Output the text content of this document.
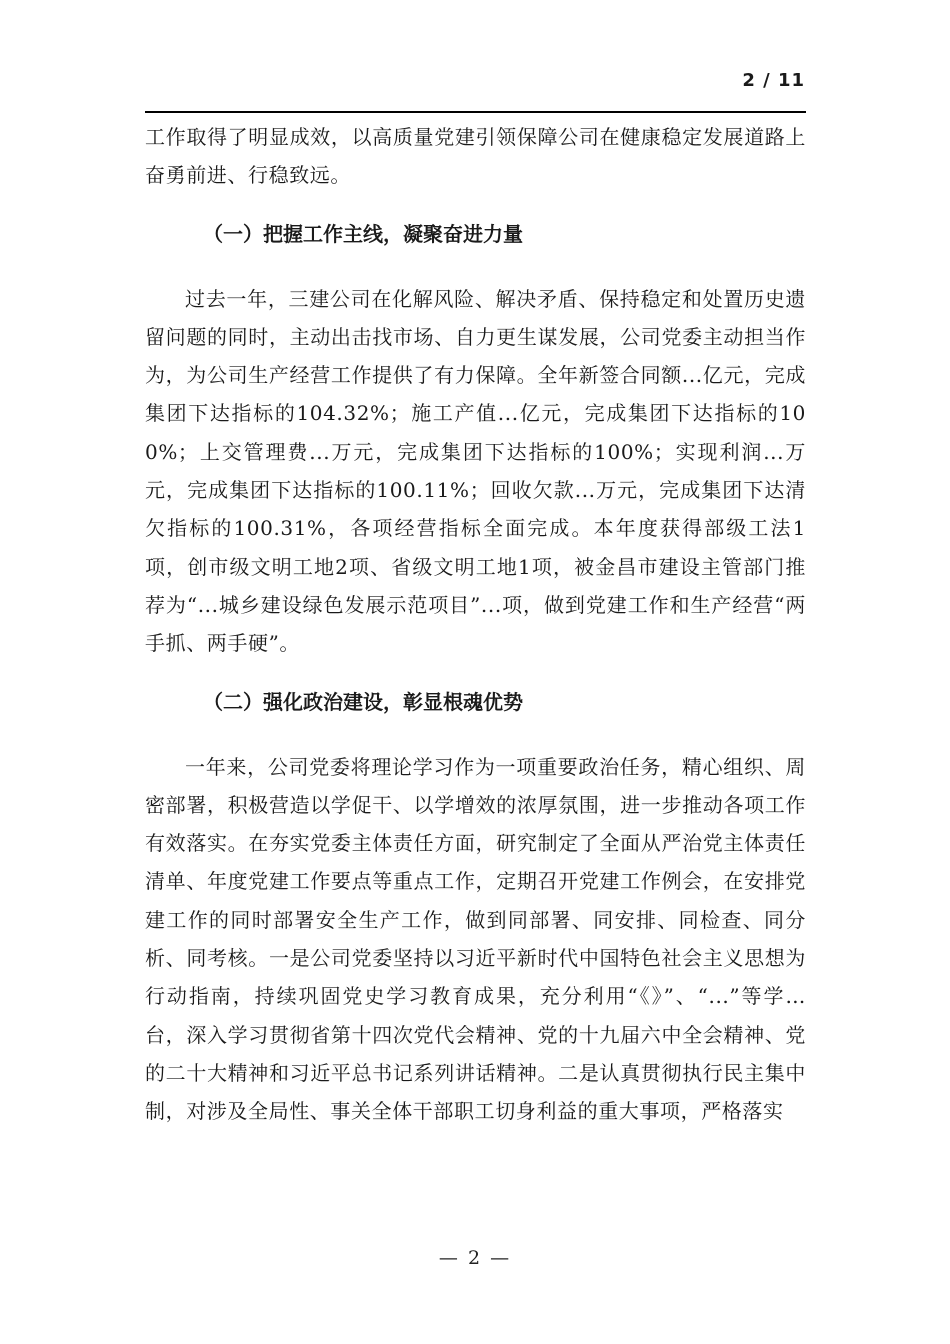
2 / 11

工作取得了明显成效，以高质量党建引领保障公司在健康稳定发展道路上奋勇前进、行稳致远。

（一）把握工作主线，凝聚奋进力量

过去一年，三建公司在化解风险、解决矛盾、保持稳定和处置历史遗留问题的同时，主动出击找市场、自力更生谋发展，公司党委主动担当作为，为公司生产经营工作提供了有力保障。全年新签合同额...亿元，完成集团下达指标的104.32%；施工产值...亿元，完成集团下达指标的100%；上交管理费...万元，完成集团下达指标的100%；实现利润...万元，完成集团下达指标的100.11%；回收欠款...万元，完成集团下达清欠指标的100.31%，各项经营指标全面完成。本年度获得部级工法1项，创市级文明工地2项、省级文明工地1项，被金昌市建设主管部门推荐为“...城乡建设绿色发展示范项目”...项，做到党建工作和生产经营“两手抓、两手硬”。

（二）强化政治建设，彰显根魂优势

一年来，公司党委将理论学习作为一项重要政治任务，精心组织、周密部署，积极营造以学促干、以学增效的浓厚氛围，进一步推动各项工作有效落实。在夯实党委主体责任方面，研究制定了全面从严治党主体责任清单、年度党建工作要点等重点工作，定期召开党建工作例会，在安排党建工作的同时部署安全生产工作，做到同部署、同安排、同检查、同分析、同考核。一是公司党委坚持以习近平新时代中国特色社会主义思想为行动指南，持续巩固党史学习教育成果，充分利用“《》”、“...”等学…台，深入学习贯彻省第十四次党代会精神、党的十九届六中全会精神、党的二十大精神和习近平总书记系列讲话精神。二是认真贯彻执行民主集中制，对涉及全局性、事关全体干部职工切身利益的重大事项，严格落实

— 2 —
